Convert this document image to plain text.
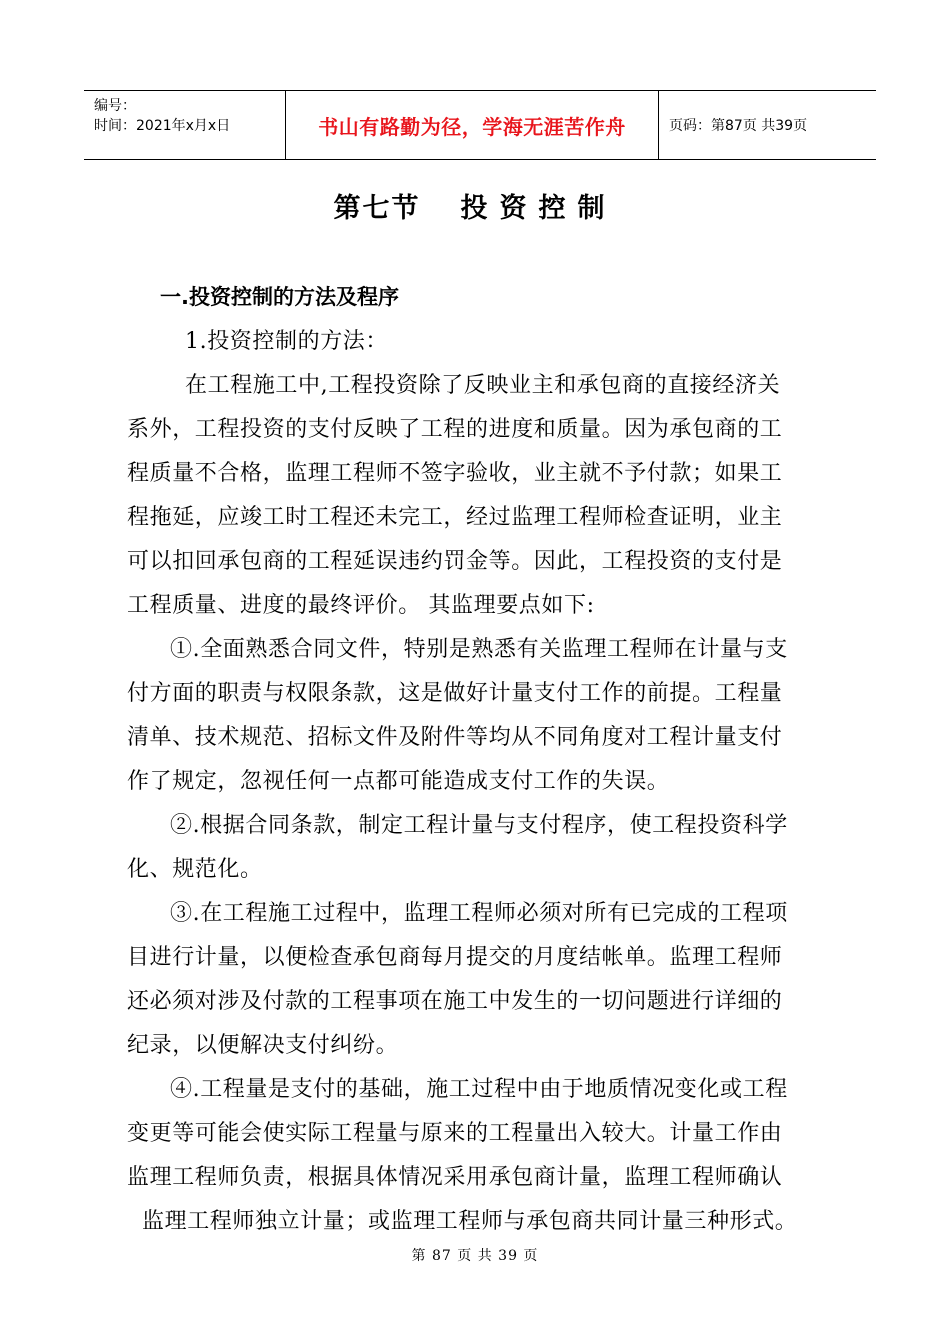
编号：
时间：2021年x月x日	书山有路勤为径，学海无涯苦作舟	页码：第87页 共39页
第七节 投资控制
一.投资控制的方法及程序
1.投资控制的方法：
在工程施工中,工程投资除了反映业主和承包商的直接经济关
系外，工程投资的支付反映了工程的进度和质量。因为承包商的工
程质量不合格，监理工程师不签字验收，业主就不予付款；如果工
程拖延，应竣工时工程还未完工，经过监理工程师检查证明，业主
可以扣回承包商的工程延误违约罚金等。因此，工程投资的支付是
工程质量、进度的最终评价。 其监理要点如下:
①.全面熟悉合同文件，特别是熟悉有关监理工程师在计量与支
付方面的职责与权限条款，这是做好计量支付工作的前提。工程量
清单、技术规范、招标文件及附件等均从不同角度对工程计量支付
作了规定，忽视任何一点都可能造成支付工作的失误。
②.根据合同条款，制定工程计量与支付程序，使工程投资科学
化、规范化。
③.在工程施工过程中，监理工程师必须对所有已完成的工程项
目进行计量，以便检查承包商每月提交的月度结帐单。监理工程师
还必须对涉及付款的工程事项在施工中发生的一切问题进行详细的
纪录，以便解决支付纠纷。
④.工程量是支付的基础，施工过程中由于地质情况变化或工程
变更等可能会使实际工程量与原来的工程量出入较大。计量工作由
监理工程师负责，根据具体情况采用承包商计量，监理工程师确认
监理工程师独立计量；或监理工程师与承包商共同计量三种形式。
第 87 页 共 39 页
